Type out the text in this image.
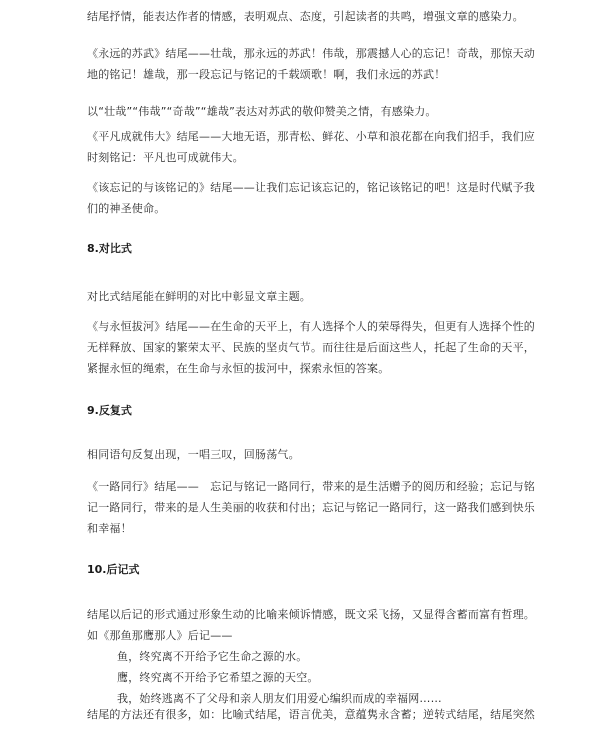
结尾抒情，能表达作者的情感，表明观点、态度，引起读者的共鸣，增强文章的感染力。
《永远的苏武》结尾——壮哉，那永远的苏武！伟哉，那震撼人心的忘记！奇哉，那惊天动
地的铭记！雄哉，那一段忘记与铭记的千载颂歌！啊，我们永远的苏武！
以“壮哉”“伟哉”“奇哉”“雄哉”表达对苏武的敬仰赞美之情，有感染力。
《平凡成就伟大》结尾——大地无语，那青松、鲜花、小草和浪花都在向我们招手，我们应
时刻铭记：平凡也可成就伟大。
《该忘记的与该铭记的》结尾——让我们忘记该忘记的，铭记该铭记的吧！这是时代赋予我
们的神圣使命。
8.对比式
对比式结尾能在鲜明的对比中彰显文章主题。
《与永恒拔河》结尾——在生命的天平上，有人选择个人的荣辱得失，但更有人选择个性的
无样释放、国家的繁荣太平、民族的坚贞气节。而往往是后面这些人，托起了生命的天平，
紧握永恒的绳索，在生命与永恒的拔河中，探索永恒的答案。
9.反复式
相同语句反复出现，一唱三叹，回肠荡气。
《一路同行》结尾——　忘记与铭记一路同行，带来的是生活赠予的阅历和经验；忘记与铭
记一路同行，带来的是人生美丽的收获和付出；忘记与铭记一路同行，这一路我们感到快乐
和幸福！
10.后记式
结尾以后记的形式通过形象生动的比喻来倾诉情感，既文采飞扬，又显得含蓄而富有哲理。
如《那鱼那鹰那人》后记——
鱼，终究离不开给予它生命之源的水。
鹰，终究离不开给予它希望之源的天空。
我，始终逃离不了父母和亲人朋友们用爱心编织而成的幸福网……
结尾的方法还有很多，如：比喻式结尾，语言优美，意蕴隽永含蓄；逆转式结尾，结尾突然
